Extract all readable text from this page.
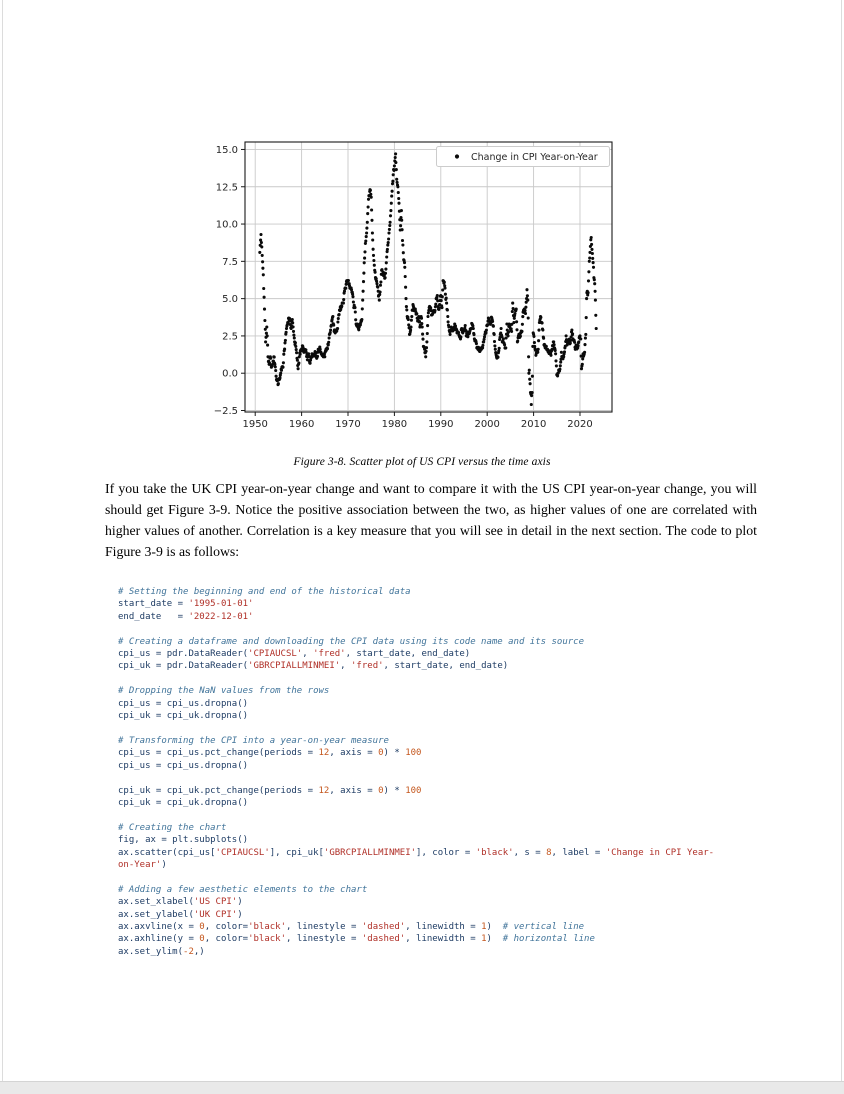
1950 1960 1970 1980 1990 2000 2010 2020
15.0
12.5
10.0
7.5
5.0
2.5
0.0
−2.5
Change in CPI Year-on-Year
Figure 3-8. Scatter plot of US CPI versus the time axis

If you take the UK CPI year-on-year change and want to compare it with the US CPI year-on-year change, you will should get Figure 3-9. Notice the positive association between the two, as higher values of one are correlated with higher values of another. Correlation is a key measure that you will see in detail in the next section. The code to plot Figure 3-9 is as follows:

# Setting the beginning and end of the historical data
start_date = '1995-01-01'
end_date   = '2022-12-01'

# Creating a dataframe and downloading the CPI data using its code name and its source
cpi_us = pdr.DataReader('CPIAUCSL', 'fred', start_date, end_date)
cpi_uk = pdr.DataReader('GBRCPIALLMINMEI', 'fred', start_date, end_date)

# Dropping the NaN values from the rows
cpi_us = cpi_us.dropna()
cpi_uk = cpi_uk.dropna()

# Transforming the CPI into a year-on-year measure
cpi_us = cpi_us.pct_change(periods = 12, axis = 0) * 100
cpi_us = cpi_us.dropna()

cpi_uk = cpi_uk.pct_change(periods = 12, axis = 0) * 100
cpi_uk = cpi_uk.dropna()

# Creating the chart
fig, ax = plt.subplots()
ax.scatter(cpi_us['CPIAUCSL'], cpi_uk['GBRCPIALLMINMEI'], color = 'black', s = 8, label = 'Change in CPI Year-
on-Year')

# Adding a few aesthetic elements to the chart
ax.set_xlabel('US CPI')
ax.set_ylabel('UK CPI')
ax.axvline(x = 0, color='black', linestyle = 'dashed', linewidth = 1)  # vertical line
ax.axhline(y = 0, color='black', linestyle = 'dashed', linewidth = 1)  # horizontal line
ax.set_ylim(-2,)
